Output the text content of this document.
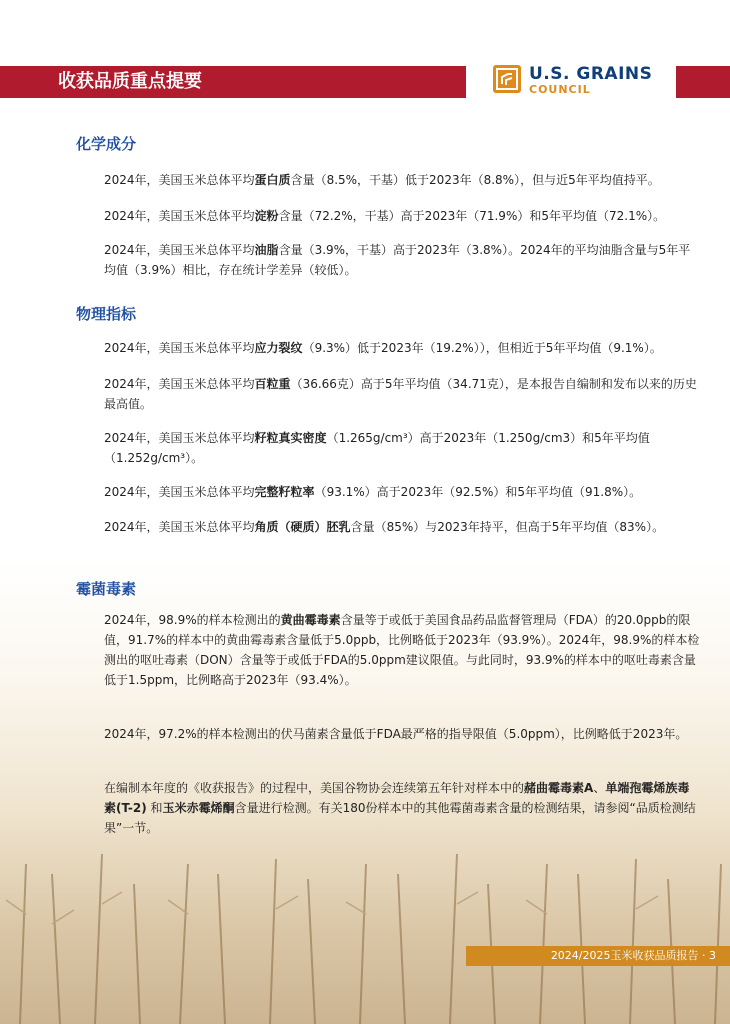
收获品质重点提要	U.S. GRAINS
COUNCIL
化学成分
2024年，美国玉米总体平均蛋白质含量（8.5%，干基）低于2023年（8.8%），但与近5年平均值持平。
2024年，美国玉米总体平均淀粉含量（72.2%，干基）高于2023年（71.9%）和5年平均值（72.1%）。
2024年，美国玉米总体平均油脂含量（3.9%，干基）高于2023年（3.8%）。2024年的平均油脂含量与5年平均值（3.9%）相比，存在统计学差异（较低）。
物理指标
2024年，美国玉米总体平均应力裂纹（9.3%）低于2023年（19.2%）），但相近于5年平均值（9.1%）。
2024年，美国玉米总体平均百粒重（36.66克）高于5年平均值（34.71克），是本报告自编制和发布以来的历史最高值。
2024年，美国玉米总体平均籽粒真实密度（1.265g/cm³）高于2023年（1.250g/cm3）和5年平均值（1.252g/cm³）。
2024年，美国玉米总体平均完整籽粒率（93.1%）高于2023年（92.5%）和5年平均值（91.8%）。
2024年，美国玉米总体平均角质（硬质）胚乳含量（85%）与2023年持平，但高于5年平均值（83%）。
霉菌毒素
2024年，98.9%的样本检测出的黄曲霉毒素含量等于或低于美国食品药品监督管理局（FDA）的20.0ppb的限值，91.7%的样本中的黄曲霉毒素含量低于5.0ppb，比例略低于2023年（93.9%）。2024年，98.9%的样本检测出的呕吐毒素（DON）含量等于或低于FDA的5.0ppm建议限值。与此同时，93.9%的样本中的呕吐毒素含量低于1.5ppm，比例略高于2023年（93.4%）。
2024年，97.2%的样本检测出的伏马菌素含量低于FDA最严格的指导限值（5.0ppm），比例略低于2023年。
在编制本年度的《收获报告》的过程中，美国谷物协会连续第五年针对样本中的赭曲霉毒素A、单端孢霉烯族毒素(T-2) 和玉米赤霉烯酮含量进行检测。有关180份样本中的其他霉菌毒素含量的检测结果，请参阅“品质检测结果”一节。
2024/2025玉米收获品质报告 · 3
